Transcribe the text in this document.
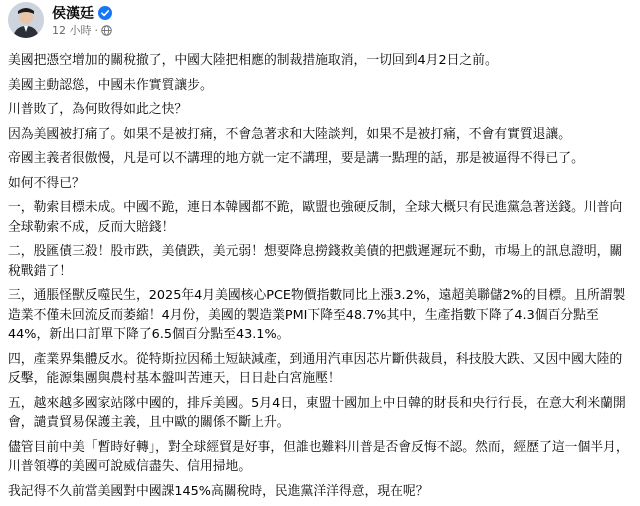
侯漢廷
12 小時 ·

美國把憑空增加的關稅撤了，中國大陸把相應的制裁措施取消，一切回到4月2日之前。

美國主動認慫，中國未作實質讓步。

川普敗了，為何敗得如此之快？

因為美國被打痛了。如果不是被打痛，不會急著求和大陸談判，如果不是被打痛，不會有實質退讓。

帝國主義者很傲慢，凡是可以不講理的地方就一定不講理，要是講一點理的話，那是被逼得不得已了。

如何不得已？

一，勒索目標未成。中國不跪，連日本韓國都不跪，歐盟也強硬反制，全球大概只有民進黨急著送錢。川普向全球勒索不成，反而大賠錢！

二，股匯債三殺！股市跌，美債跌，美元弱！想要降息撈錢救美債的把戲遲遲玩不動，市場上的訊息證明，關稅戰錯了！

三，通脹怪獸反噬民生，2025年4月美國核心PCE物價指數同比上漲3.2%，遠超美聯儲2%的目標。且所謂製造業不僅未回流反而萎縮！4月份，美國的製造業PMI下降至48.7%其中，生產指數下降了4.3個百分點至44%，新出口訂單下降了6.5個百分點至43.1%。

四，產業界集體反水。從特斯拉因稀土短缺減產，到通用汽車因芯片斷供裁員，科技股大跌、又因中國大陸的反擊，能源集團與農村基本盤叫苦連天，日日赴白宮施壓！

五，越來越多國家站隊中國的，排斥美國。5月4日，東盟十國加上中日韓的財長和央行行長，在意大利米蘭開會，譴責貿易保護主義，且中歐的關係不斷上升。

儘管目前中美「暫時好轉」，對全球經貿是好事，但誰也難料川普是否會反悔不認。然而，經歷了這一個半月，川普領導的美國可說威信盡失、信用掃地。

我記得不久前當美國對中國課145%高關稅時，民進黨洋洋得意，現在呢？
